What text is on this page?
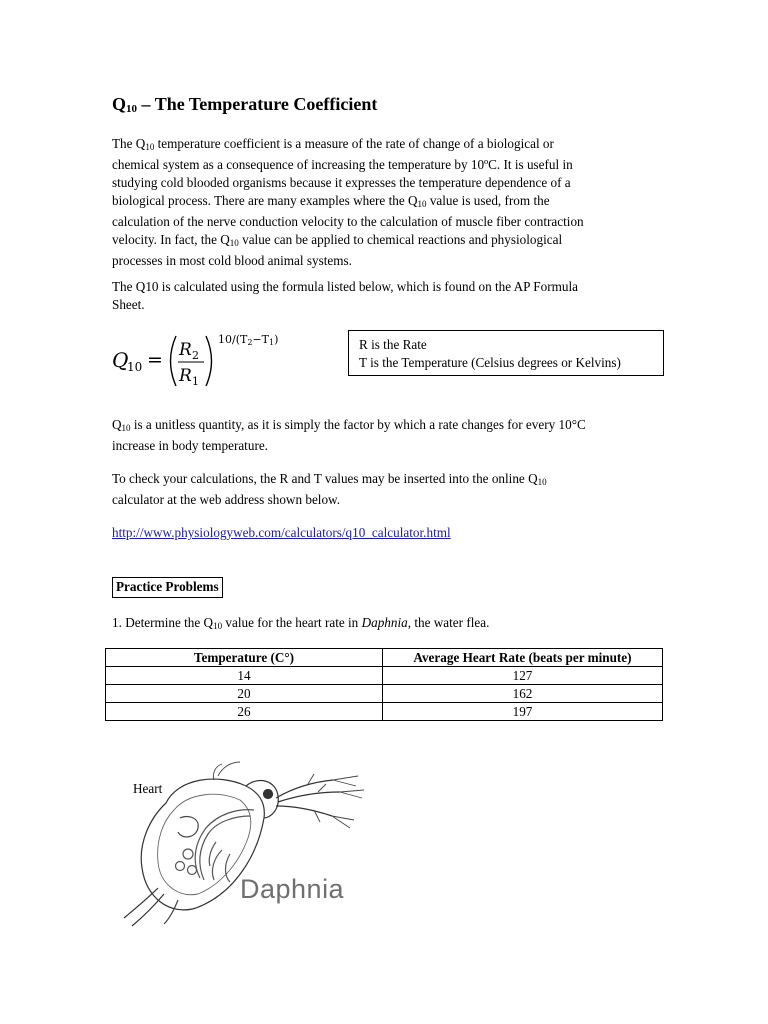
$Q_{10}$ – The Temperature Coefficient
The $Q_{10}$ temperature coefficient is a measure of the rate of change of a biological or
chemical system as a consequence of increasing the temperature by 10ºC. It is useful in
studying cold blooded organisms because it expresses the temperature dependence of a
biological process. There are many examples where the $Q_{10}$ value is used, from the
calculation of the nerve conduction velocity to the calculation of muscle fiber contraction
velocity. In fact, the $Q_{10}$ value can be applied to chemical reactions and physiological
processes in most cold blood animal systems.
The Q10 is calculated using the formula listed below, which is found on the AP Formula
Sheet.
Q
10 = R 2
R 1
10/(T2−T1)	R is the Rate
T is the Temperature (Celsius degrees or Kelvins)
$Q_{10}$ is a unitless quantity, as it is simply the factor by which a rate changes for every 10°C
increase in body temperature.
To check your calculations, the R and T values may be inserted into the online $Q_{10}$
calculator at the web address shown below.
http://www.physiologyweb.com/calculators/q10_calculator.html
Practice Problems
1. Determine the $Q_{10}$ value for the heart rate in Daphnia, the water flea.
Temperature (C°)	Average Heart Rate (beats per minute)
14	127
20	162
26	197
Heart
Daphnia
